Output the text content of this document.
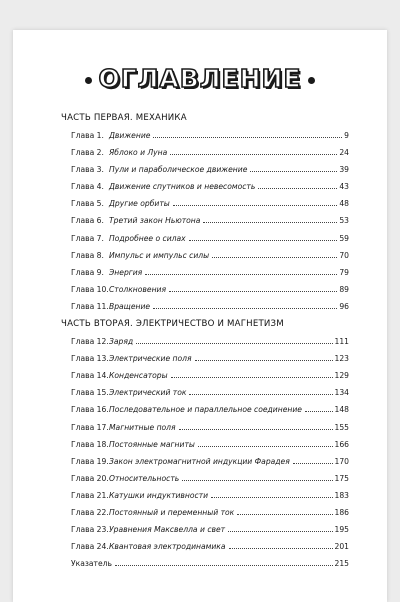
ОГЛАВЛЕНИЕ
ЧАСТЬ ПЕРВАЯ. МЕХАНИКА
Глава 1. Движение	9
Глава 2. Яблоко и Луна	24
Глава 3. Пули и параболическое движение	39
Глава 4. Движение спутников и невесомость	43
Глава 5. Другие орбиты	48
Глава 6. Третий закон Ньютона	53
Глава 7. Подробнее о силах	59
Глава 8. Импульс и импульс силы	70
Глава 9. Энергия	79
Глава 10. Столкновения	89
Глава 11. Вращение	96
ЧАСТЬ ВТОРАЯ. ЭЛЕКТРИЧЕСТВО И МАГНЕТИЗМ
Глава 12. Заряд	111
Глава 13. Электрические поля	123
Глава 14. Конденсаторы	129
Глава 15. Электрический ток	134
Глава 16. Последовательное и параллельное соединение	148
Глава 17. Магнитные поля	155
Глава 18. Постоянные магниты	166
Глава 19. Закон электромагнитной индукции Фарадея	170
Глава 20. Относительность	175
Глава 21. Катушки индуктивности	183
Глава 22. Постоянный и переменный ток	186
Глава 23. Уравнения Максвелла и свет	195
Глава 24. Квантовая электродинамика	201
Указатель	215
